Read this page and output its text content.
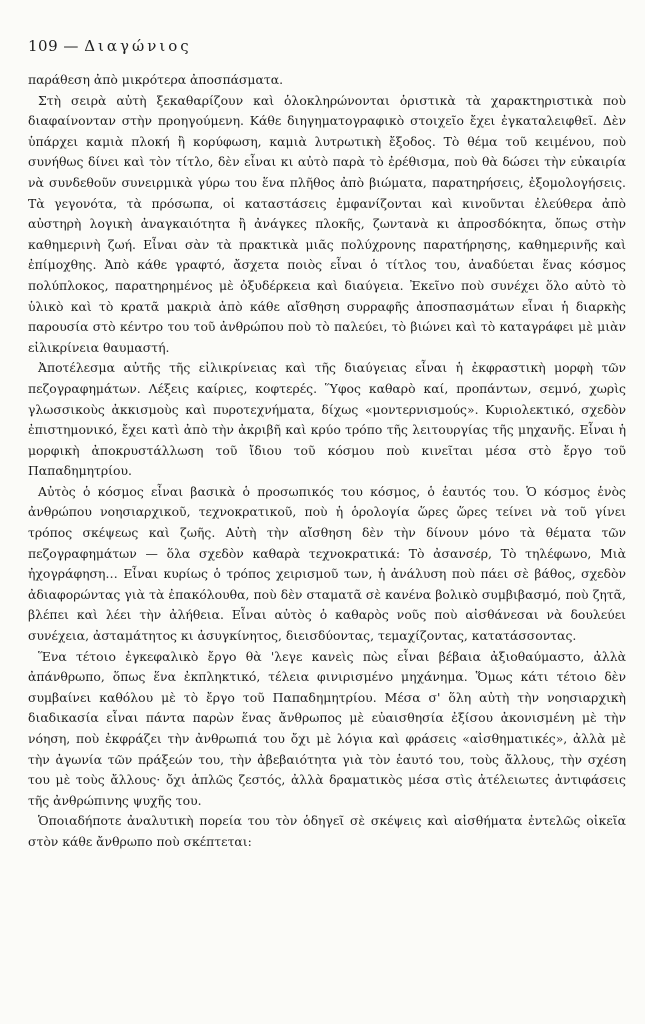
109 — Διαγώνιος

παράθεση ἀπὸ μικρότερα ἀποσπάσματα.

Στὴ σειρὰ αὐτὴ ξεκαθαρίζουν καὶ ὁλοκληρώνονται ὁριστικὰ τὰ χαρακτηριστικὰ ποὺ διαφαίνονταν στὴν προηγούμενη. Κάθε διηγηματογραφικὸ στοιχεῖο ἔχει ἐγκαταλειφθεῖ. Δὲν ὑπάρχει καμιὰ πλοκή ἢ κορύφωση, καμιὰ λυτρωτικὴ ἔξοδος. Τὸ θέμα τοῦ κειμένου, ποὺ συνήθως δίνει καὶ τὸν τίτλο, δὲν εἶναι κι αὐτὸ παρὰ τὸ ἐρέθισμα, ποὺ θὰ δώσει τὴν εὐκαιρία νὰ συνδεθοῦν συνειρμικὰ γύρω του ἕνα πλῆθος ἀπὸ βιώματα, παρατηρήσεις, ἐξομολογήσεις. Τὰ γεγονότα, τὰ πρόσωπα, οἱ καταστάσεις ἐμφανίζονται καὶ κινοῦνται ἐλεύθερα ἀπὸ αὐστηρὴ λογικὴ ἀναγκαιότητα ἢ ἀνάγκες πλοκῆς, ζωντανὰ κι ἀπροσδόκητα, ὅπως στὴν καθημερινὴ ζωή. Εἶναι σὰν τὰ πρακτικὰ μιᾶς πολύχρονης παρατήρησης, καθημερινῆς καὶ ἐπίμοχθης. Ἀπὸ κάθε γραφτό, ἄσχετα ποιὸς εἶναι ὁ τίτλος του, ἀναδύεται ἕνας κόσμος πολύπλοκος, παρατηρημένος μὲ ὀξυδέρκεια καὶ διαύγεια. Ἐκεῖνο ποὺ συνέχει ὅλο αὐτὸ τὸ ὑλικὸ καὶ τὸ κρατᾶ μακριὰ ἀπὸ κάθε αἴσθηση συρραφῆς ἀποσπασμάτων εἶναι ἡ διαρκὴς παρουσία στὸ κέντρο του τοῦ ἀνθρώπου ποὺ τὸ παλεύει, τὸ βιώνει καὶ τὸ καταγράφει μὲ μιὰν εἰλικρίνεια θαυμαστή.

Ἀποτέλεσμα αὐτῆς τῆς εἰλικρίνειας καὶ τῆς διαύγειας εἶναι ἡ ἐκφραστικὴ μορφὴ τῶν πεζογραφημάτων. Λέξεις καίριες, κοφτερές. Ὕφος καθαρὸ καί, προπάντων, σεμνό, χωρὶς γλωσσικοὺς ἀκκισμοὺς καὶ πυροτεχνήματα, δίχως «μοντερνισμούς». Κυριολεκτικό, σχεδὸν ἐπιστημονικό, ἔχει κατὶ ἀπὸ τὴν ἀκριβῆ καὶ κρύο τρόπο τῆς λειτουργίας τῆς μηχανῆς. Εἶναι ἡ μορφικὴ ἀποκρυστάλλωση τοῦ ἴδιου τοῦ κόσμου ποὺ κινεῖται μέσα στὸ ἔργο τοῦ Παπαδημητρίου.

Αὐτὸς ὁ κόσμος εἶναι βασικὰ ὁ προσωπικός του κόσμος, ὁ ἑαυτός του. Ὁ κόσμος ἑνὸς ἀνθρώπου νοησιαρχικοῦ, τεχνοκρατικοῦ, ποὺ ἡ ὁρολογία ὥρες ὥρες τείνει νὰ τοῦ γίνει τρόπος σκέψεως καὶ ζωῆς. Αὐτὴ τὴν αἴσθηση δὲν τὴν δίνουν μόνο τὰ θέματα τῶν πεζογραφημάτων — ὅλα σχεδὸν καθαρὰ τεχνοκρατικά: Τὸ ἀσανσέρ, Τὸ τηλέφωνο, Μιὰ ἠχογράφηση… Εἶναι κυρίως ὁ τρόπος χειρισμοῦ των, ἡ ἀνάλυση ποὺ πάει σὲ βάθος, σχεδὸν ἀδιαφορώντας γιὰ τὰ ἐπακόλουθα, ποὺ δὲν σταματᾶ σὲ κανένα βολικὸ συμβιβασμό, ποὺ ζητᾶ, βλέπει καὶ λέει τὴν ἀλήθεια. Εἶναι αὐτὸς ὁ καθαρὸς νοῦς ποὺ αἰσθάνεσαι νὰ δουλεύει συνέχεια, ἀσταμάτητος κι ἀσυγκίνητος, διεισδύοντας, τεμαχίζοντας, κατατάσσοντας.

Ἕνα τέτοιο ἐγκεφαλικὸ ἔργο θὰ 'λεγε κανεὶς πὼς εἶναι βέβαια ἀξιοθαύμαστο, ἀλλὰ ἀπάνθρωπο, ὅπως ἕνα ἐκπληκτικό, τέλεια φινιρισμένο μηχάνημα. Ὅμως κάτι τέτοιο δὲν συμβαίνει καθόλου μὲ τὸ ἔργο τοῦ Παπαδημητρίου. Μέσα σ' ὅλη αὐτὴ τὴν νοησιαρχικὴ διαδικασία εἶναι πάντα παρὼν ἕνας ἄνθρωπος μὲ εὐαισθησία ἐξίσου ἀκονισμένη μὲ τὴν νόηση, ποὺ ἐκφράζει τὴν ἀνθρωπιά του ὄχι μὲ λόγια καὶ φράσεις «αἰσθηματικές», ἀλλὰ μὲ τὴν ἀγωνία τῶν πράξεών του, τὴν ἀβεβαιότητα γιὰ τὸν ἑαυτό του, τοὺς ἄλλους, τὴν σχέση του μὲ τοὺς ἄλλους· ὄχι ἁπλῶς ζεστός, ἀλλὰ δραματικὸς μέσα στὶς ἀτέλειωτες ἀντιφάσεις τῆς ἀνθρώπινης ψυχῆς του.

Ὁποιαδήποτε ἀναλυτικὴ πορεία του τὸν ὁδηγεῖ σὲ σκέψεις καὶ αἰσθήματα ἐντελῶς οἰκεῖα στὸν κάθε ἄνθρωπο ποὺ σκέπτεται:
